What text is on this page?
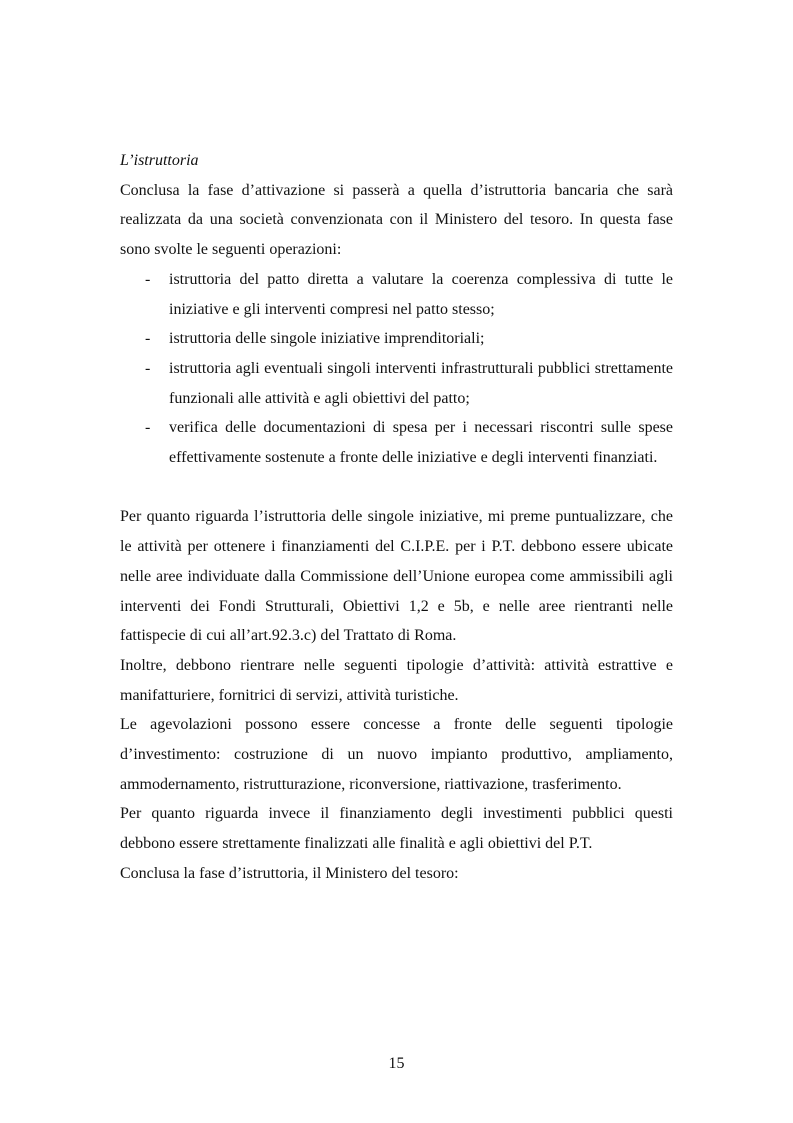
L’istruttoria

Conclusa la fase d’attivazione si passerà a quella d’istruttoria bancaria che sarà realizzata da una società convenzionata con il Ministero del tesoro. In questa fase sono svolte le seguenti operazioni:

-	istruttoria del patto diretta a valutare la coerenza complessiva di tutte le iniziative e gli interventi compresi nel patto stesso;
-	istruttoria delle singole iniziative imprenditoriali;
-	istruttoria agli eventuali singoli interventi infrastrutturali pubblici strettamente funzionali alle attività e agli obiettivi del patto;
-	verifica delle documentazioni di spesa per i necessari riscontri sulle spese effettivamente sostenute a fronte delle iniziative e degli interventi finanziati.

Per quanto riguarda l’istruttoria delle singole iniziative, mi preme puntualizzare, che le attività per ottenere i finanziamenti del C.I.P.E. per i P.T. debbono essere ubicate nelle aree individuate dalla Commissione dell’Unione europea come ammissibili agli interventi dei Fondi Strutturali, Obiettivi 1,2 e 5b, e nelle aree rientranti nelle fattispecie di cui all’art.92.3.c) del Trattato di Roma.

Inoltre, debbono rientrare nelle seguenti tipologie d’attività: attività estrattive e manifatturiere, fornitrici di servizi, attività turistiche.

Le agevolazioni possono essere concesse a fronte delle seguenti tipologie d’investimento: costruzione di un nuovo impianto produttivo, ampliamento, ammodernamento, ristrutturazione, riconversione, riattivazione, trasferimento.

Per quanto riguarda invece il finanziamento degli investimenti pubblici questi debbono essere strettamente finalizzati alle finalità e agli obiettivi del P.T.

Conclusa la fase d’istruttoria, il Ministero del tesoro:

15
